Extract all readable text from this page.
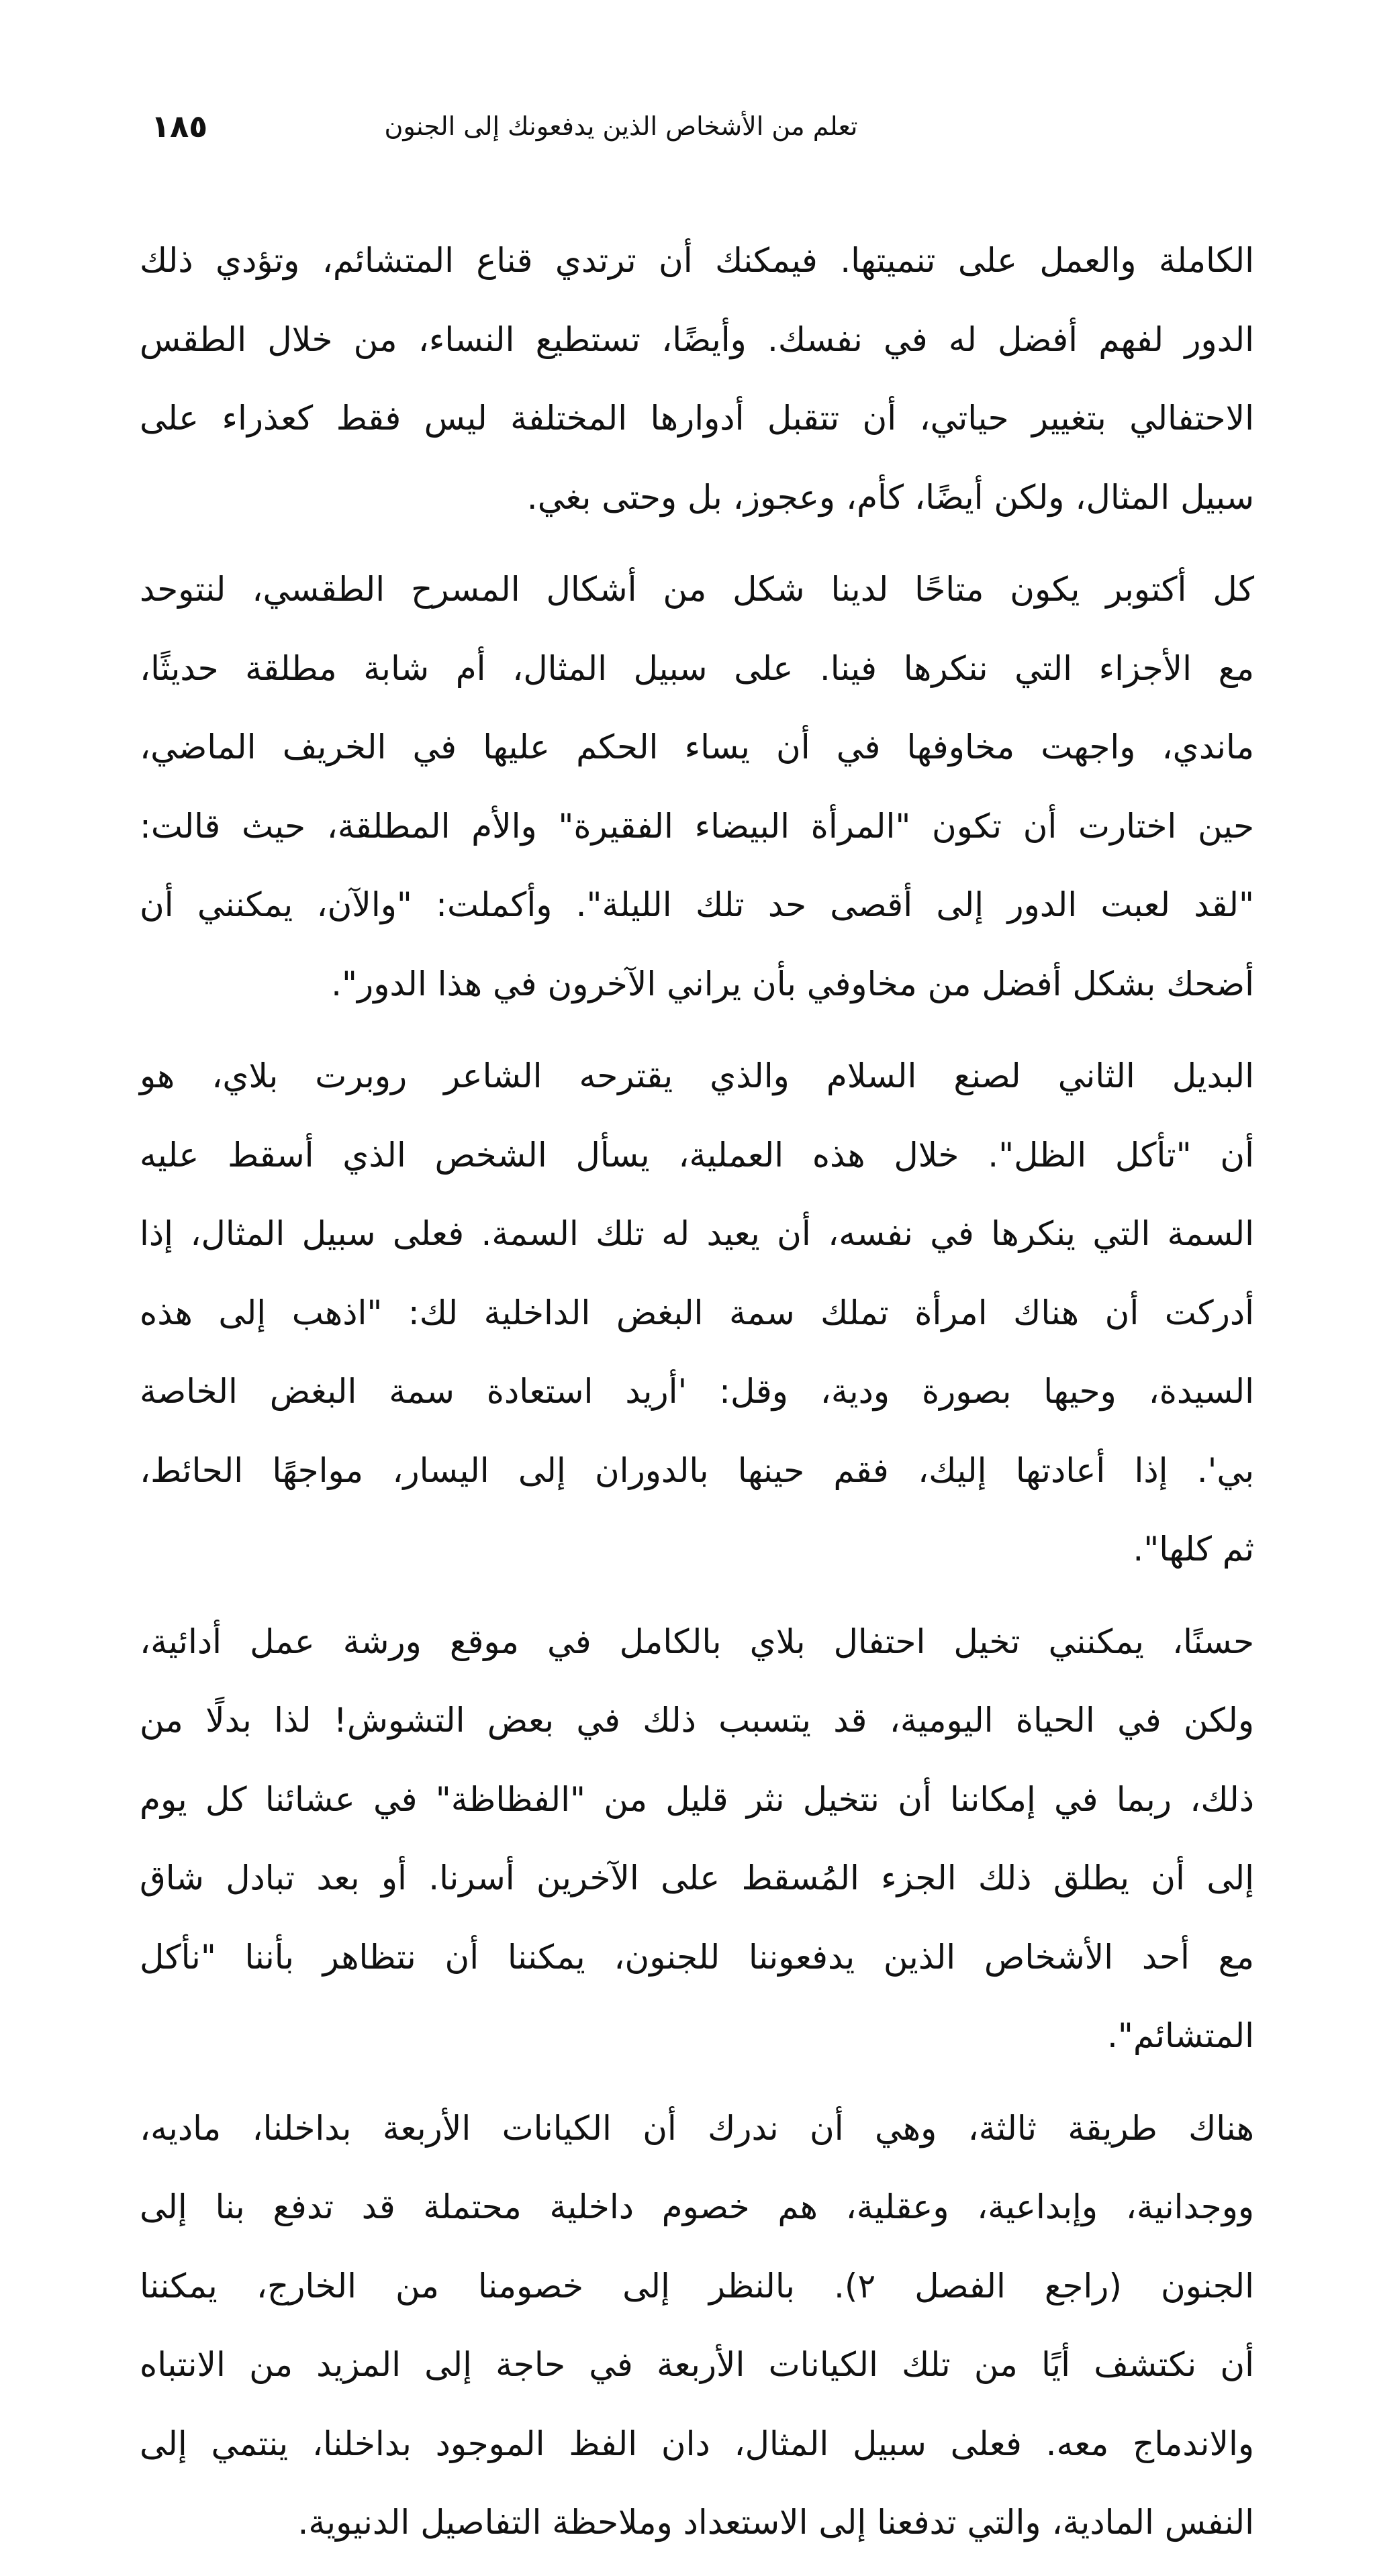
١٨٥	تعلم من الأشخاص الذين يدفعونك إلى الجنون

الكاملة والعمل على تنميتها. فيمكنك أن ترتدي قناع المتشائم، وتؤدي ذلك
الدور لفهم أفضل له في نفسك. وأيضًا، تستطيع النساء، من خلال الطقس
الاحتفالي بتغيير حياتي، أن تتقبل أدوارها المختلفة ليس فقط كعذراء على
سبيل المثال، ولكن أيضًا، كأم، وعجوز، بل وحتى بغي.

كل أكتوبر يكون متاحًا لدينا شكل من أشكال المسرح الطقسي، لنتوحد
مع الأجزاء التي ننكرها فينا. على سبيل المثال، أم شابة مطلقة حديثًا،
ماندي، واجهت مخاوفها في أن يساء الحكم عليها في الخريف الماضي،
حين اختارت أن تكون "المرأة البيضاء الفقيرة" والأم المطلقة، حيث قالت:
"لقد لعبت الدور إلى أقصى حد تلك الليلة". وأكملت: "والآن، يمكنني أن
أضحك بشكل أفضل من مخاوفي بأن يراني الآخرون في هذا الدور".

البديل الثاني لصنع السلام والذي يقترحه الشاعر روبرت بلاي، هو
أن "تأكل الظل". خلال هذه العملية، يسأل الشخص الذي أسقط عليه
السمة التي ينكرها في نفسه، أن يعيد له تلك السمة. فعلى سبيل المثال، إذا
أدركت أن هناك امرأة تملك سمة البغض الداخلية لك: "اذهب إلى هذه
السيدة، وحيها بصورة ودية، وقل: 'أريد استعادة سمة البغض الخاصة
بي'. إذا أعادتها إليك، فقم حينها بالدوران إلى اليسار، مواجهًا الحائط،
ثم كلها".

حسنًا، يمكنني تخيل احتفال بلاي بالكامل في موقع ورشة عمل أدائية،
ولكن في الحياة اليومية، قد يتسبب ذلك في بعض التشوش! لذا بدلًا من
ذلك، ربما في إمكاننا أن نتخيل نثر قليل من "الفظاظة" في عشائنا كل يوم
إلى أن يطلق ذلك الجزء المُسقط على الآخرين أسرنا. أو بعد تبادل شاق
مع أحد الأشخاص الذين يدفعوننا للجنون، يمكننا أن نتظاهر بأننا "نأكل
المتشائم".

هناك طريقة ثالثة، وهي أن ندرك أن الكيانات الأربعة بداخلنا، ماديه،
ووجدانية، وإبداعية، وعقلية، هم خصوم داخلية محتملة قد تدفع بنا إلى
الجنون (راجع الفصل ٢). بالنظر إلى خصومنا من الخارج، يمكننا
أن نكتشف أيًا من تلك الكيانات الأربعة في حاجة إلى المزيد من الانتباه
والاندماج معه. فعلى سبيل المثال، دان الفظ الموجود بداخلنا، ينتمي إلى
النفس المادية، والتي تدفعنا إلى الاستعداد وملاحظة التفاصيل الدنيوية.
